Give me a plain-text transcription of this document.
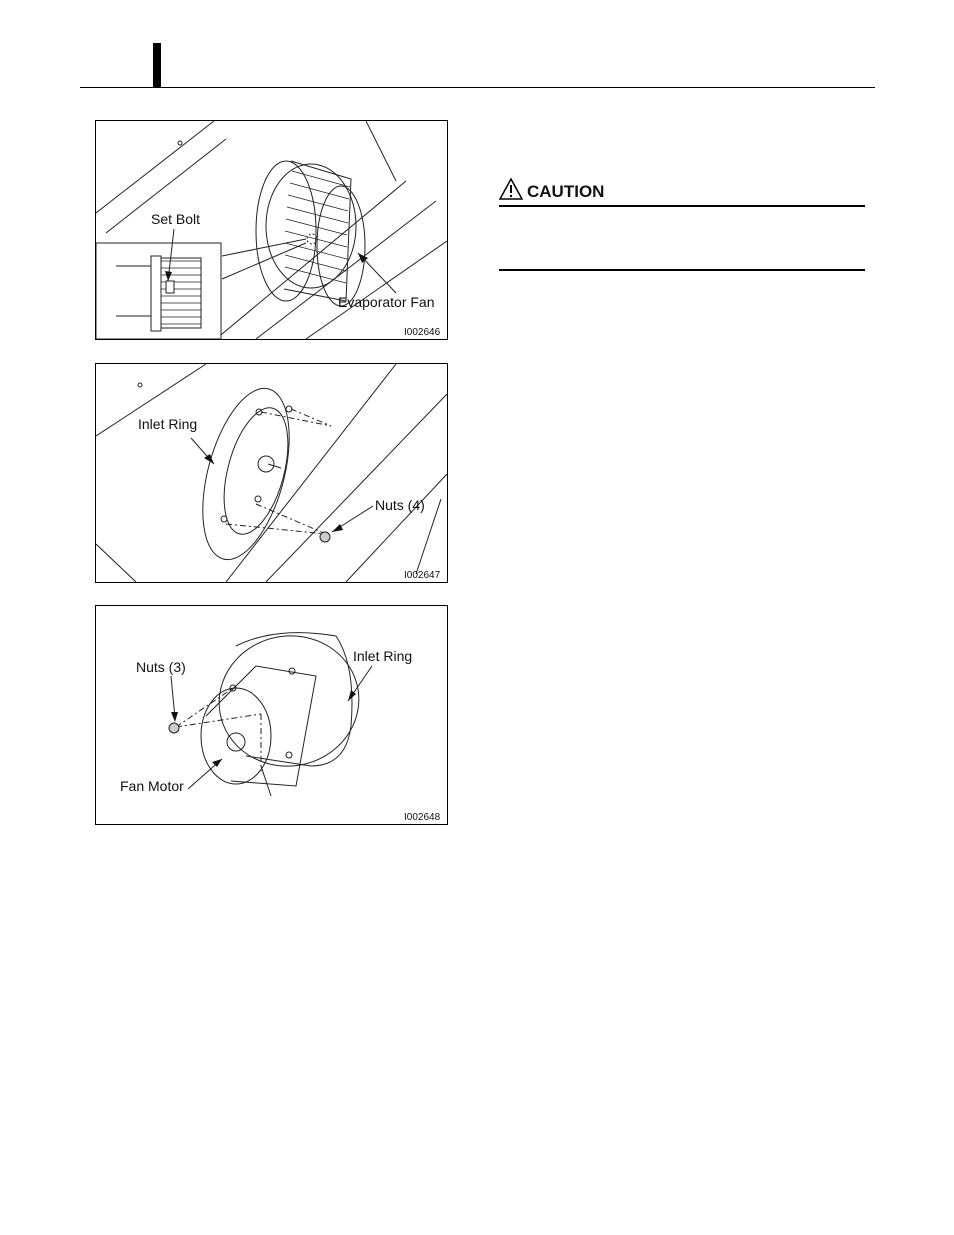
Set Bolt
Evaporator Fan
I002646
Inlet Ring
Nuts (4)
I002647
Nuts (3)
Inlet Ring
Fan Motor
I002648
CAUTION
